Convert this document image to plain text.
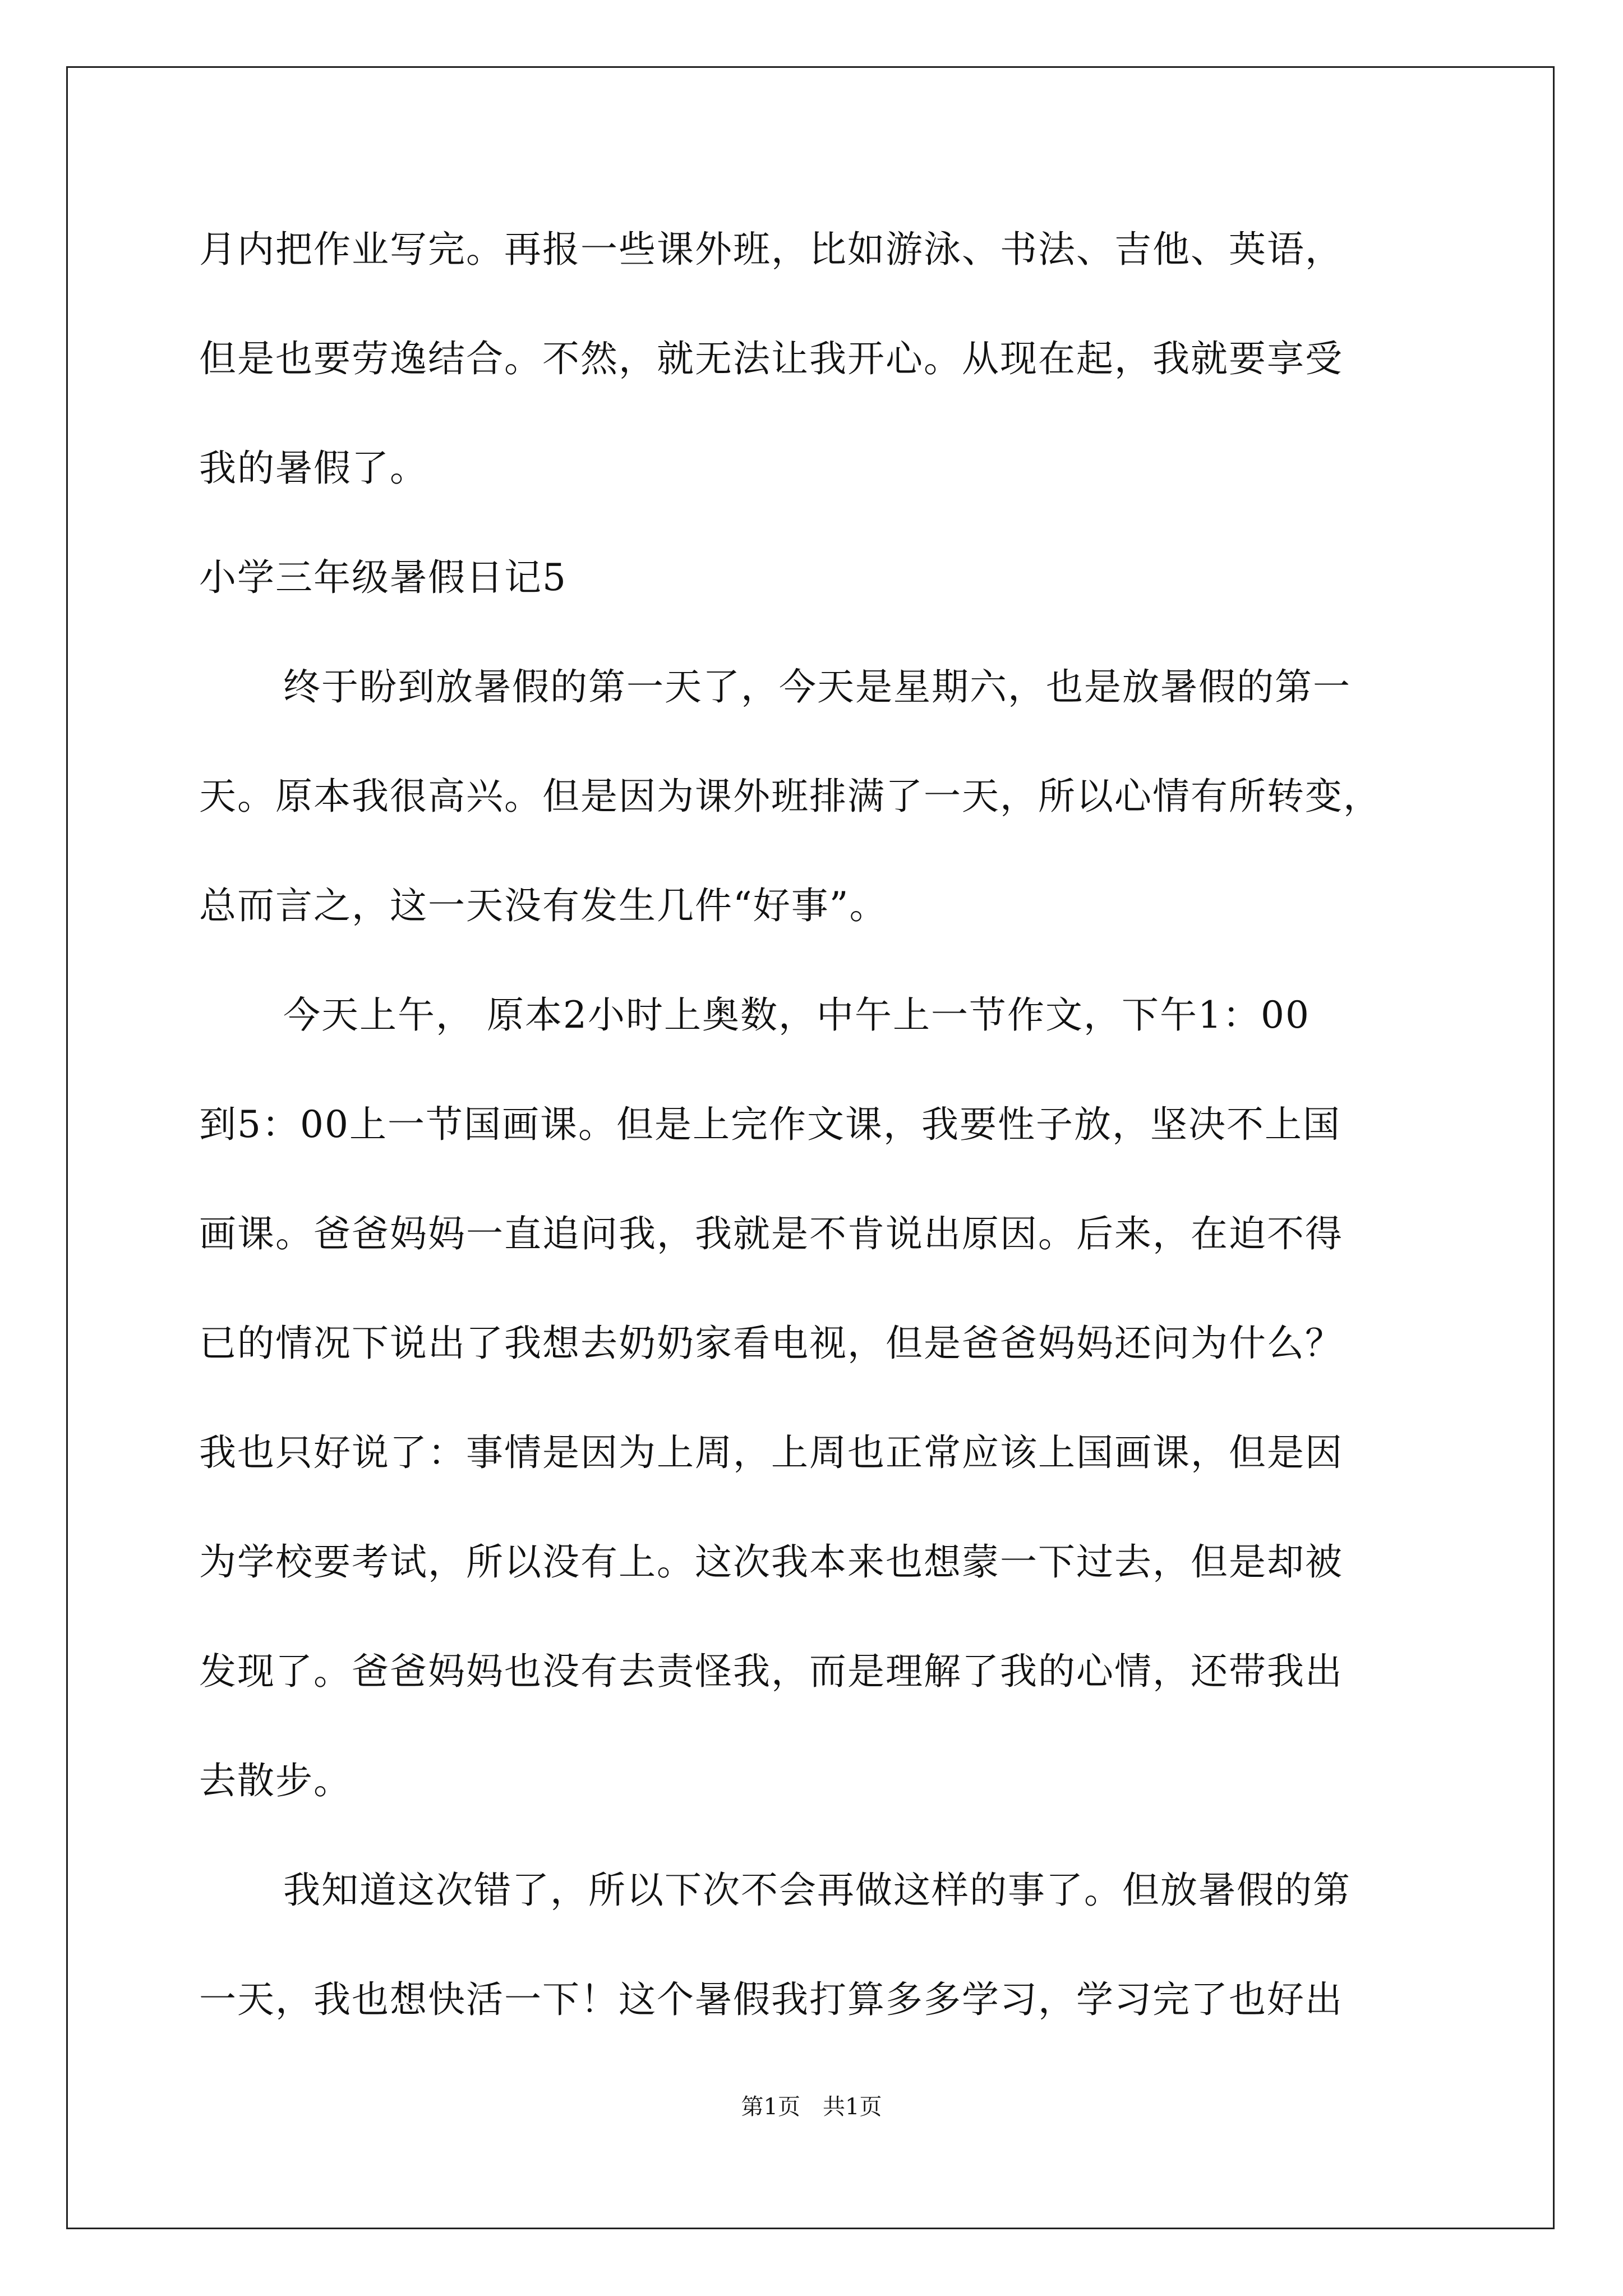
月内把作业写完。再报一些课外班，比如游泳、书法、吉他、英语，
但是也要劳逸结合。不然，就无法让我开心。从现在起，我就要享受
我的暑假了。
小学三年级暑假日记5
终于盼到放暑假的第一天了，今天是星期六，也是放暑假的第一
天。原本我很高兴。但是因为课外班排满了一天，所以心情有所转变，
总而言之，这一天没有发生几件“好事”。
今天上午， 原本2小时上奥数，中午上一节作文，下午1：00
到5：00上一节国画课。但是上完作文课，我要性子放，坚决不上国
画课。爸爸妈妈一直追问我，我就是不肯说出原因。后来，在迫不得
已的情况下说出了我想去奶奶家看电视，但是爸爸妈妈还问为什么？
我也只好说了：事情是因为上周，上周也正常应该上国画课，但是因
为学校要考试，所以没有上。这次我本来也想蒙一下过去，但是却被
发现了。爸爸妈妈也没有去责怪我，而是理解了我的心情，还带我出
去散步。
我知道这次错了，所以下次不会再做这样的事了。但放暑假的第
一天，我也想快活一下！这个暑假我打算多多学习，学习完了也好出
第1页　共1页
